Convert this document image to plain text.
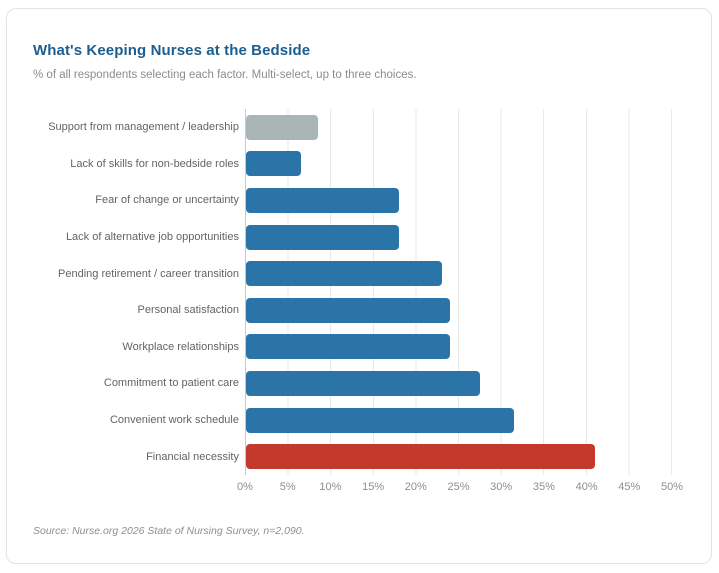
What's Keeping Nurses at the Bedside
% of all respondents selecting each factor. Multi-select, up to three choices.
Support from management / leadership
Lack of skills for non-bedside roles
Fear of change or uncertainty
Lack of alternative job opportunities
Pending retirement / career transition
Personal satisfaction
Workplace relationships
Commitment to patient care
Convenient work schedule
Financial necessity
0% 5% 10% 15% 20% 25% 30% 35% 40% 45% 50%
Source: Nurse.org 2026 State of Nursing Survey, n=2,090.
